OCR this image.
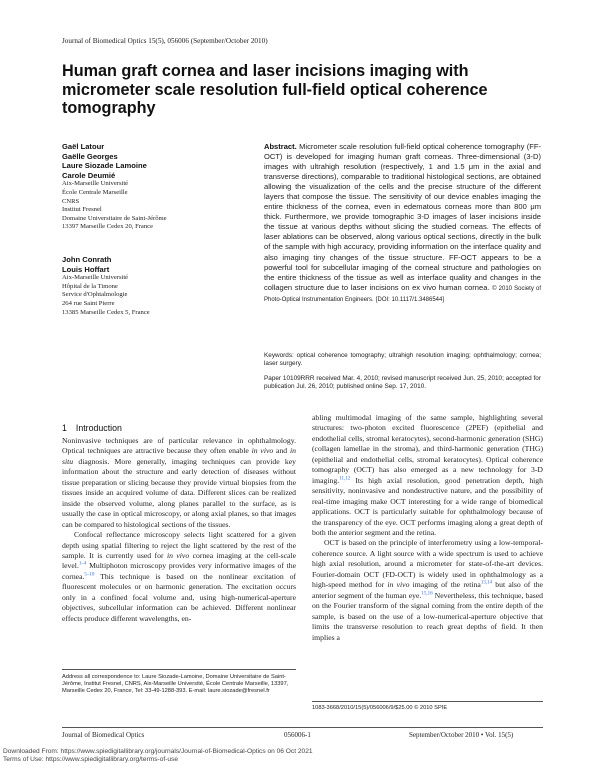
Journal of Biomedical Optics 15(5), 056006 (September/October 2010)
Human graft cornea and laser incisions imaging with micrometer scale resolution full-field optical coherence tomography
Gaël Latour
Gaëlle Georges
Laure Siozade Lamoine
Carole Deumié
Aix-Marseille Université
École Centrale Marseille
CNRS
Institut Fresnel
Domaine Universitaire de Saint-Jérôme
13397 Marseille Cedex 20, France
John Conrath
Louis Hoffart
Aix-Marseille Université
Hôpital de la Timone
Service d'Ophtalmologie
264 rue Saint Pierre
13385 Marseille Cedex 5, France
Abstract. Micrometer scale resolution full-field optical coherence tomography (FF-OCT) is developed for imaging human graft corneas. Three-dimensional (3-D) images with ultrahigh resolution (respectively, 1 and 1.5 μm in the axial and transverse directions), comparable to traditional histological sections, are obtained allowing the visualization of the cells and the precise structure of the different layers that compose the tissue. The sensitivity of our device enables imaging the entire thickness of the cornea, even in edematous corneas more than 800 μm thick. Furthermore, we provide tomographic 3-D images of laser incisions inside the tissue at various depths without slicing the studied corneas. The effects of laser ablations can be observed, along various optical sections, directly in the bulk of the sample with high accuracy, providing information on the interface quality and also imaging tiny changes of the tissue structure. FF-OCT appears to be a powerful tool for subcellular imaging of the corneal structure and pathologies on the entire thickness of the tissue as well as interface quality and changes in the collagen structure due to laser incisions on ex vivo human cornea. © 2010 Society of Photo-Optical Instrumentation Engineers. [DOI: 10.1117/1.3486544]
Keywords: optical coherence tomography; ultrahigh resolution imaging; ophthalmology; cornea; laser surgery.
Paper 10109RRR received Mar. 4, 2010; revised manuscript received Jun. 25, 2010; accepted for publication Jul. 26, 2010; published online Sep. 17, 2010.
1 Introduction

Noninvasive techniques are of particular relevance in ophthalmology. Optical techniques are attractive because they often enable in vivo and in situ diagnosis. More generally, imaging techniques can provide key information about the structure and early detection of diseases without tissue preparation or slicing because they provide virtual biopsies from the tissues inside an acquired volume of data. Different slices can be realized inside the observed volume, along planes parallel to the surface, as is usually the case in optical microscopy, or along axial planes, so that images can be compared to histological sections of the tissues.

Confocal reflectance microscopy selects light scattered for a given depth using spatial filtering to reject the light scattered by the rest of the sample. It is currently used for in vivo cornea imaging at the cell-scale level.$^{1-4}$ Multiphoton microscopy provides very informative images of the cornea.$^{5-10}$ This technique is based on the nonlinear excitation of fluorescent molecules or on harmonic generation. The excitation occurs only in a confined focal volume and, using high-numerical-aperture objectives, subcellular information can be achieved. Different nonlinear effects produce different wavelengths, en-

abling multimodal imaging of the same sample, highlighting several structures: two-photon excited fluorescence (2PEF) (epithelial and endothelial cells, stromal keratocytes), second-harmonic generation (SHG) (collagen lamellae in the stroma), and third-harmonic generation (THG) (epithelial and endothelial cells, stromal keratocytes). Optical coherence tomography (OCT) has also emerged as a new technology for 3-D imaging.$^{11,12}$ Its high axial resolution, good penetration depth, high sensitivity, noninvasive and nondestructive nature, and the possibility of real-time imaging make OCT interesting for a wide range of biomedical applications. OCT is particularly suitable for ophthalmology because of the transparency of the eye. OCT performs imaging along a great depth of both the anterior segment and the retina.

OCT is based on the principle of interferometry using a low-temporal-coherence source. A light source with a wide spectrum is used to achieve high axial resolution, around a micrometer for state-of-the-art devices. Fourier-domain OCT (FD-OCT) is widely used in ophthalmology as a high-speed method for in vivo imaging of the retina$^{13,14}$ but also of the anterior segment of the human eye.$^{15,16}$ Nevertheless, this technique, based on the Fourier transform of the signal coming from the entire depth of the sample, is based on the use of a low-numerical-aperture objective that limits the transverse resolution to reach great depths of field. It then implies a

Address all correspondence to: Laure Siozade-Lamoine, Domaine Universitaire de Saint-Jérôme, Institut Fresnel, CNRS, Aix-Marseille Université, École Centrale Marseille, 13397, Marseille Cedex 20, France, Tel: 33-49-1288-393. E-mail: laure.siozade@fresnel.fr
1083-3668/2010/15(5)/056006/9/$25.00 © 2010 SPIE
Journal of Biomedical Optics	056006-1	September/October 2010 • Vol. 15(5)
Downloaded From: https://www.spiedigitallibrary.org/journals/Journal-of-Biomedical-Optics on 06 Oct 2021
Terms of Use: https://www.spiedigitallibrary.org/terms-of-use
